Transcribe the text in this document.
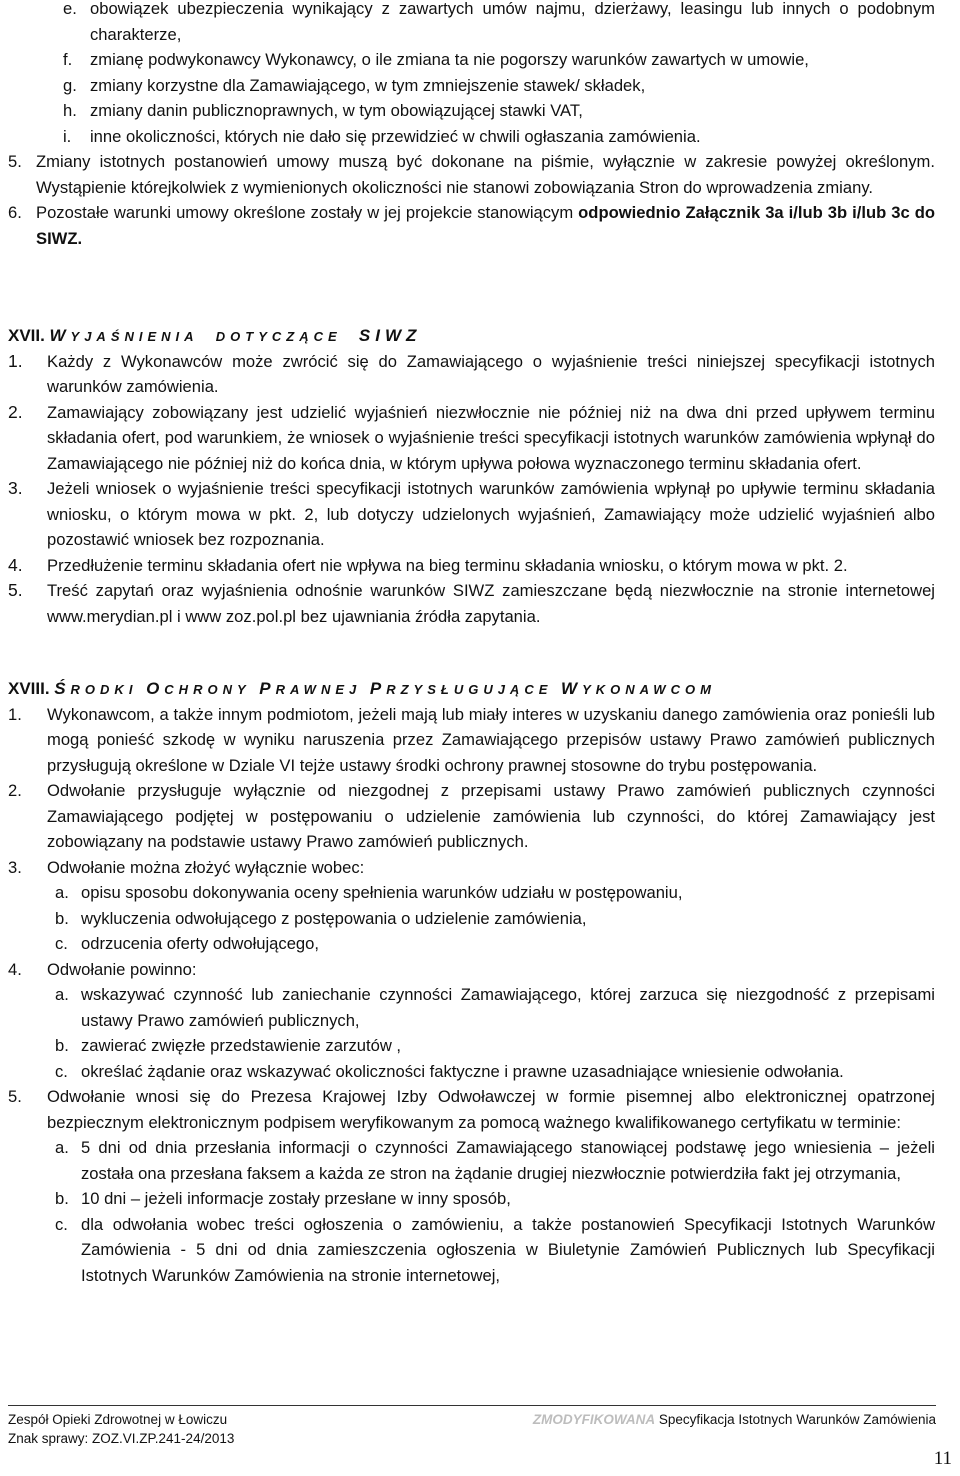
e. obowiązek ubezpieczenia wynikający z zawartych umów najmu, dzierżawy, leasingu lub innych o podobnym charakterze,
f. zmianę podwykonawcy Wykonawcy, o ile zmiana ta nie pogorszy warunków zawartych w umowie,
g. zmiany korzystne dla Zamawiającego, w tym zmniejszenie stawek/ składek,
h. zmiany danin publicznoprawnych, w tym obowiązującej stawki VAT,
i. inne okoliczności, których nie dało się przewidzieć w chwili ogłaszania zamówienia.
5. Zmiany istotnych postanowień umowy muszą być dokonane na piśmie, wyłącznie w zakresie powyżej określonym. Wystąpienie którejkolwiek z wymienionych okoliczności nie stanowi zobowiązania Stron do wprowadzenia zmiany.
6. Pozostałe warunki umowy określone zostały w jej projekcie stanowiącym odpowiednio Załącznik 3a i/lub 3b i/lub 3c do SIWZ.
XVII. WYJAŚNIENIA DOTYCZĄCE SIWZ
1. Każdy z Wykonawców może zwrócić się do Zamawiającego o wyjaśnienie treści niniejszej specyfikacji istotnych warunków zamówienia.
2. Zamawiający zobowiązany jest udzielić wyjaśnień niezwłocznie nie później niż na dwa dni przed upływem terminu składania ofert, pod warunkiem, że wniosek o wyjaśnienie treści specyfikacji istotnych warunków zamówienia wpłynął do Zamawiającego nie później niż do końca dnia, w którym upływa połowa wyznaczonego terminu składania ofert.
3. Jeżeli wniosek o wyjaśnienie treści specyfikacji istotnych warunków zamówienia wpłynął po upływie terminu składania wniosku, o którym mowa w pkt. 2, lub dotyczy udzielonych wyjaśnień, Zamawiający może udzielić wyjaśnień albo pozostawić wniosek bez rozpoznania.
4. Przedłużenie terminu składania ofert nie wpływa na bieg terminu składania wniosku, o którym mowa w pkt. 2.
5. Treść zapytań oraz wyjaśnienia odnośnie warunków SIWZ zamieszczane będą niezwłocznie na stronie internetowej www.merydian.pl i www zoz.pol.pl bez ujawniania źródła zapytania.
XVIII. ŚRODKI OCHRONY PRAWNEJ PRZYSŁUGUJĄCE WYKONAWCOM
1. Wykonawcom, a także innym podmiotom, jeżeli mają lub miały interes w uzyskaniu danego zamówienia oraz ponieśli lub mogą ponieść szkodę w wyniku naruszenia przez Zamawiającego przepisów ustawy Prawo zamówień publicznych przysługują określone w Dziale VI tejże ustawy środki ochrony prawnej stosowne do trybu postępowania.
2. Odwołanie przysługuje wyłącznie od niezgodnej z przepisami ustawy Prawo zamówień publicznych czynności Zamawiającego podjętej w postępowaniu o udzielenie zamówienia lub czynności, do której Zamawiający jest zobowiązany na podstawie ustawy Prawo zamówień publicznych.
3. Odwołanie można złożyć wyłącznie wobec:
a. opisu sposobu dokonywania oceny spełnienia warunków udziału w postępowaniu,
b. wykluczenia odwołującego z postępowania o udzielenie zamówienia,
c. odrzucenia oferty odwołującego,
4. Odwołanie powinno:
a. wskazywać czynność lub zaniechanie czynności Zamawiającego, której zarzuca się niezgodność z przepisami ustawy Prawo zamówień publicznych,
b. zawierać zwięzłe przedstawienie zarzutów ,
c. określać żądanie oraz wskazywać okoliczności faktyczne i prawne uzasadniające wniesienie odwołania.
5. Odwołanie wnosi się do Prezesa Krajowej Izby Odwoławczej w formie pisemnej albo elektronicznej opatrzonej bezpiecznym elektronicznym podpisem weryfikowanym za pomocą ważnego kwalifikowanego certyfikatu w terminie:
a. 5 dni od dnia przesłania informacji o czynności Zamawiającego stanowiącej podstawę jego wniesienia – jeżeli została ona przesłana faksem a każda ze stron na żądanie drugiej niezwłocznie potwierdziła fakt jej otrzymania,
b. 10 dni – jeżeli informacje zostały przesłane w inny sposób,
c. dla odwołania wobec treści ogłoszenia o zamówieniu, a także postanowień Specyfikacji Istotnych Warunków Zamówienia - 5 dni od dnia zamieszczenia ogłoszenia w Biuletynie Zamówień Publicznych lub Specyfikacji Istotnych Warunków Zamówienia na stronie internetowej,
Zespół Opieki Zdrowotnej w Łowiczu
Znak sprawy: ZOZ.VI.ZP.241-24/2013
ZMODYFIKOWANA Specyfikacja Istotnych Warunków Zamówienia
11
